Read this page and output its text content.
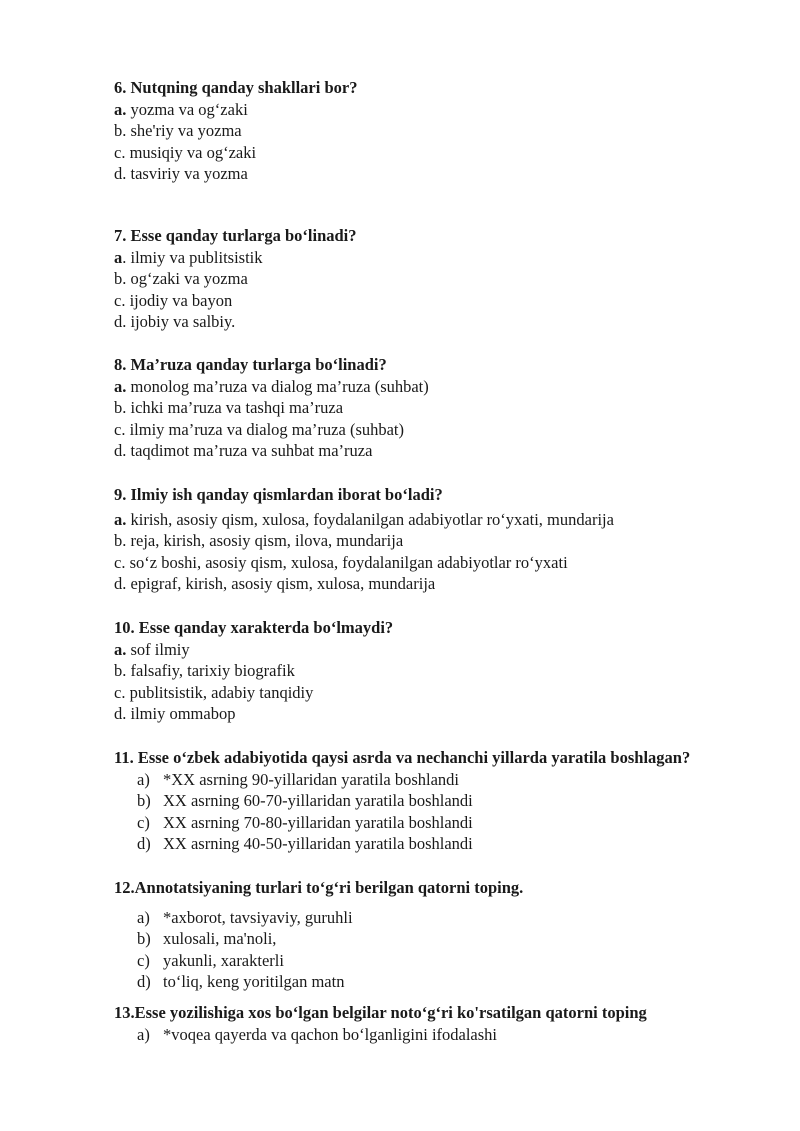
6. Nutqning qanday shakllari bor?
a. yozma va og‘zaki
b. she'riy va yozma
c. musiqiy va og‘zaki
d. tasviriy va yozma
7. Esse qanday turlarga bo‘linadi?
a. ilmiy va publitsistik
b. og‘zaki va yozma
c. ijodiy va bayon
d. ijobiy va salbiy.
8. Ma’ruza qanday turlarga bo‘linadi?
a. monolog ma’ruza va dialog ma’ruza (suhbat)
b. ichki ma’ruza va tashqi ma’ruza
c. ilmiy ma’ruza va dialog ma’ruza (suhbat)
d. taqdimot ma’ruza va suhbat ma’ruza
9. Ilmiy ish qanday qismlardan iborat bo‘ladi?
a. kirish, asosiy qism, xulosa, foydalanilgan adabiyotlar ro‘yxati, mundarija
b. reja, kirish, asosiy qism, ilova, mundarija
c. so‘z boshi, asosiy qism, xulosa, foydalanilgan adabiyotlar ro‘yxati
d. epigraf, kirish, asosiy qism, xulosa, mundarija
10. Esse qanday xarakterda bo‘lmaydi?
a. sof ilmiy
b. falsafiy, tarixiy biografik
c. publitsistik, adabiy tanqidiy
d. ilmiy ommabop
11. Esse o‘zbek adabiyotida qaysi asrda va nechanchi yillarda yaratila boshlagan?
a) *XX asrning 90-yillaridan yaratila boshlandi
b) XX asrning 60-70-yillaridan yaratila boshlandi
c) XX asrning 70-80-yillaridan yaratila boshlandi
d) XX asrning 40-50-yillaridan yaratila boshlandi
12.Annotatsiyaning turlari to‘g‘ri berilgan qatorni toping.
a) *axborot, tavsiyaviy, guruhli
b) xulosali, ma'noli,
c) yakunli, xarakterli
d) to‘liq, keng yoritilgan matn
13.Esse yozilishiga xos bo‘lgan belgilar noto‘g‘ri ko'rsatilgan qatorni toping
a) *voqea qayerda va qachon bo‘lganligini ifodalashi
